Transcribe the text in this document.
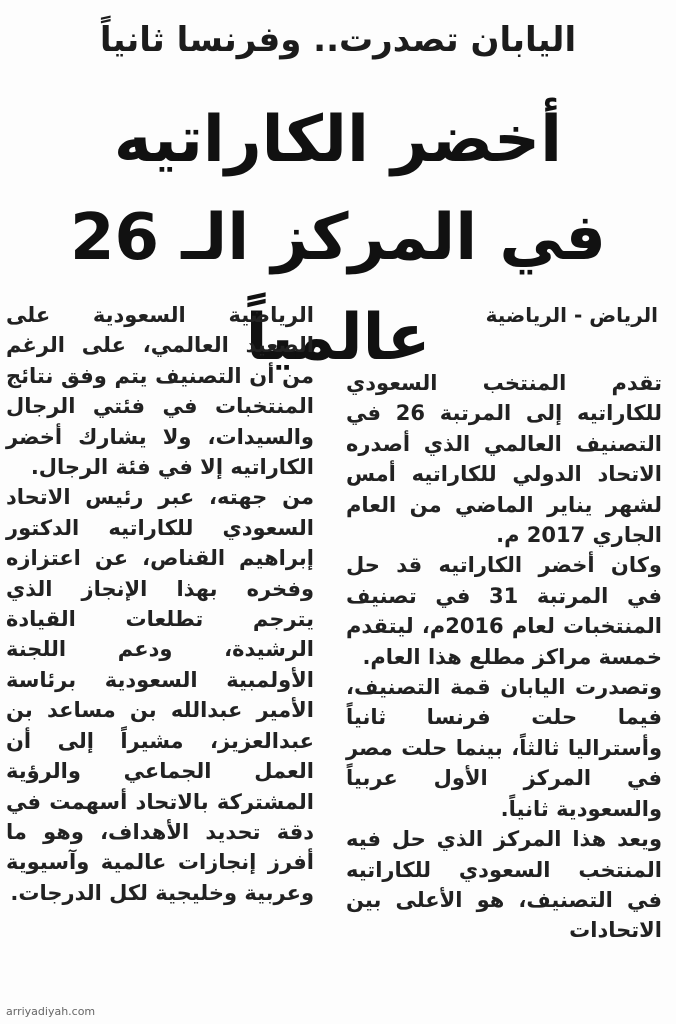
اليابان تصدرت.. وفرنسا ثانياً
أخضر الكاراتيه
في المركز الـ 26 عالمياً	الرياض - الرياضية

تقدم المنتخب السعودي للكاراتيه إلى المرتبة 26 في التصنيف العالمي الذي أصدره الاتحاد الدولي للكاراتيه أمس لشهر يناير الماضي من العام الجاري 2017 م.

وكان أخضر الكاراتيه قد حل في المرتبة 31 في تصنيف المنتخبات لعام 2016م، ليتقدم خمسة مراكز مطلع هذا العام.

وتصدرت اليابان قمة التصنيف، فيما حلت فرنسا ثانياً وأستراليا ثالثاً، بينما حلت مصر في المركز الأول عربياً والسعودية ثانياً.

ويعد هذا المركز الذي حل فيه المنتخب السعودي للكاراتيه في التصنيف، هو الأعلى بين الاتحادات

الرياضية السعودية على الصعيد العالمي، على الرغم من أن التصنيف يتم وفق نتائج المنتخبات في فئتي الرجال والسيدات، ولا يشارك أخضر الكاراتيه إلا في فئة الرجال.

من جهته، عبر رئيس الاتحاد السعودي للكاراتيه الدكتور إبراهيم القناص، عن اعتزازه وفخره بهذا الإنجاز الذي يترجم تطلعات القيادة الرشيدة، ودعم اللجنة الأولمبية السعودية برئاسة الأمير عبدالله بن مساعد بن عبدالعزيز، مشيراً إلى أن العمل الجماعي والرؤية المشتركة بالاتحاد أسهمت في دقة تحديد الأهداف، وهو ما أفرز إنجازات عالمية وآسيوية وعربية وخليجية لكل الدرجات.

arriyadiyah.com
